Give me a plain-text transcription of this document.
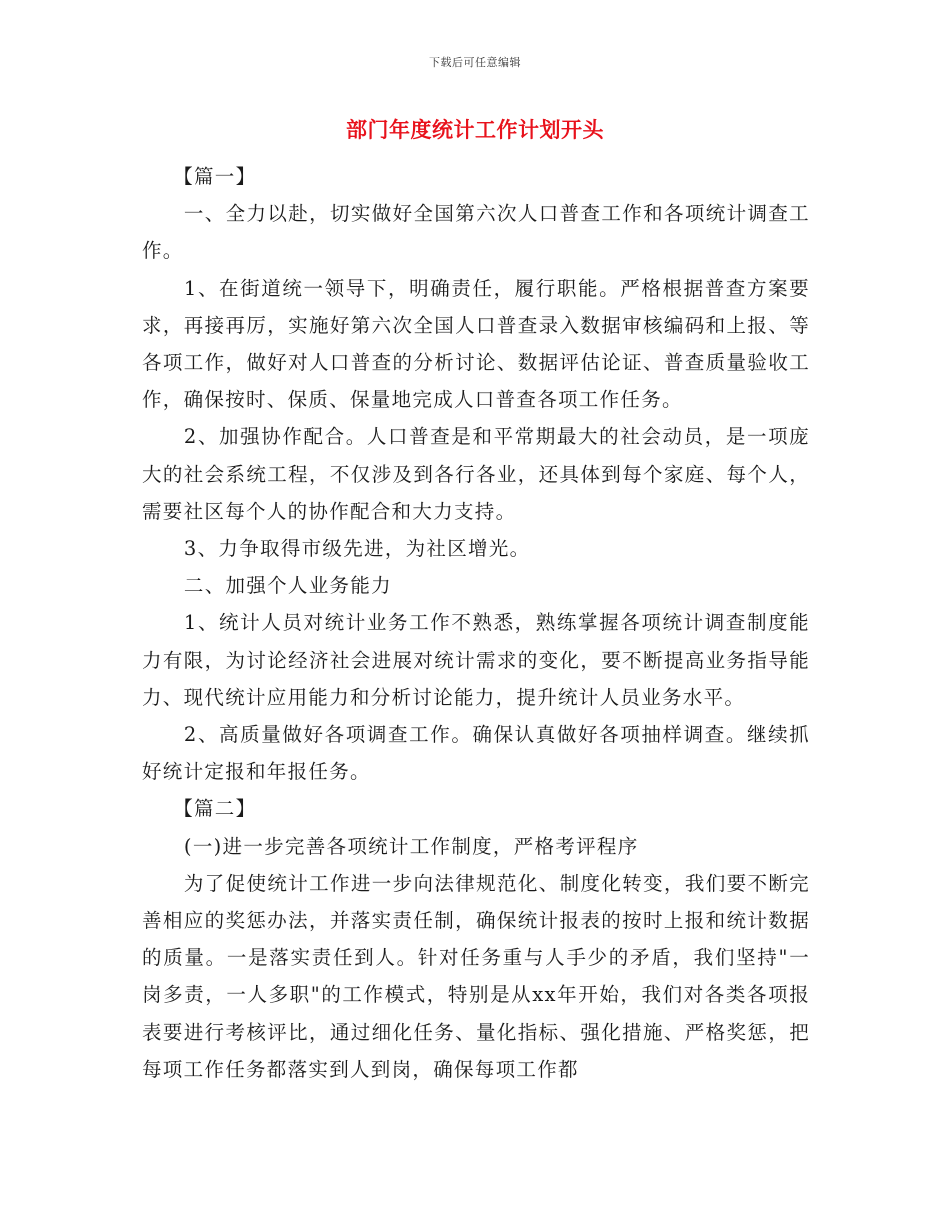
下载后可任意编辑
部门年度统计工作计划开头

【篇一】

一、全力以赴，切实做好全国第六次人口普查工作和各项统计调查工作。

1、在街道统一领导下，明确责任，履行职能。严格根据普查方案要求，再接再厉，实施好第六次全国人口普查录入数据审核编码和上报、等各项工作，做好对人口普查的分析讨论、数据评估论证、普查质量验收工作，确保按时、保质、保量地完成人口普查各项工作任务。

2、加强协作配合。人口普查是和平常期最大的社会动员，是一项庞大的社会系统工程，不仅涉及到各行各业，还具体到每个家庭、每个人，需要社区每个人的协作配合和大力支持。

3、力争取得市级先进，为社区增光。

二、加强个人业务能力

1、统计人员对统计业务工作不熟悉，熟练掌握各项统计调查制度能力有限，为讨论经济社会进展对统计需求的变化，要不断提高业务指导能力、现代统计应用能力和分析讨论能力，提升统计人员业务水平。

2、高质量做好各项调查工作。确保认真做好各项抽样调查。继续抓好统计定报和年报任务。

【篇二】

(一)进一步完善各项统计工作制度，严格考评程序

为了促使统计工作进一步向法律规范化、制度化转变，我们要不断完善相应的奖惩办法，并落实责任制，确保统计报表的按时上报和统计数据的质量。一是落实责任到人。针对任务重与人手少的矛盾，我们坚持"一岗多责，一人多职"的工作模式，特别是从xx年开始，我们对各类各项报表要进行考核评比，通过细化任务、量化指标、强化措施、严格奖惩，把每项工作任务都落实到人到岗，确保每项工作都
